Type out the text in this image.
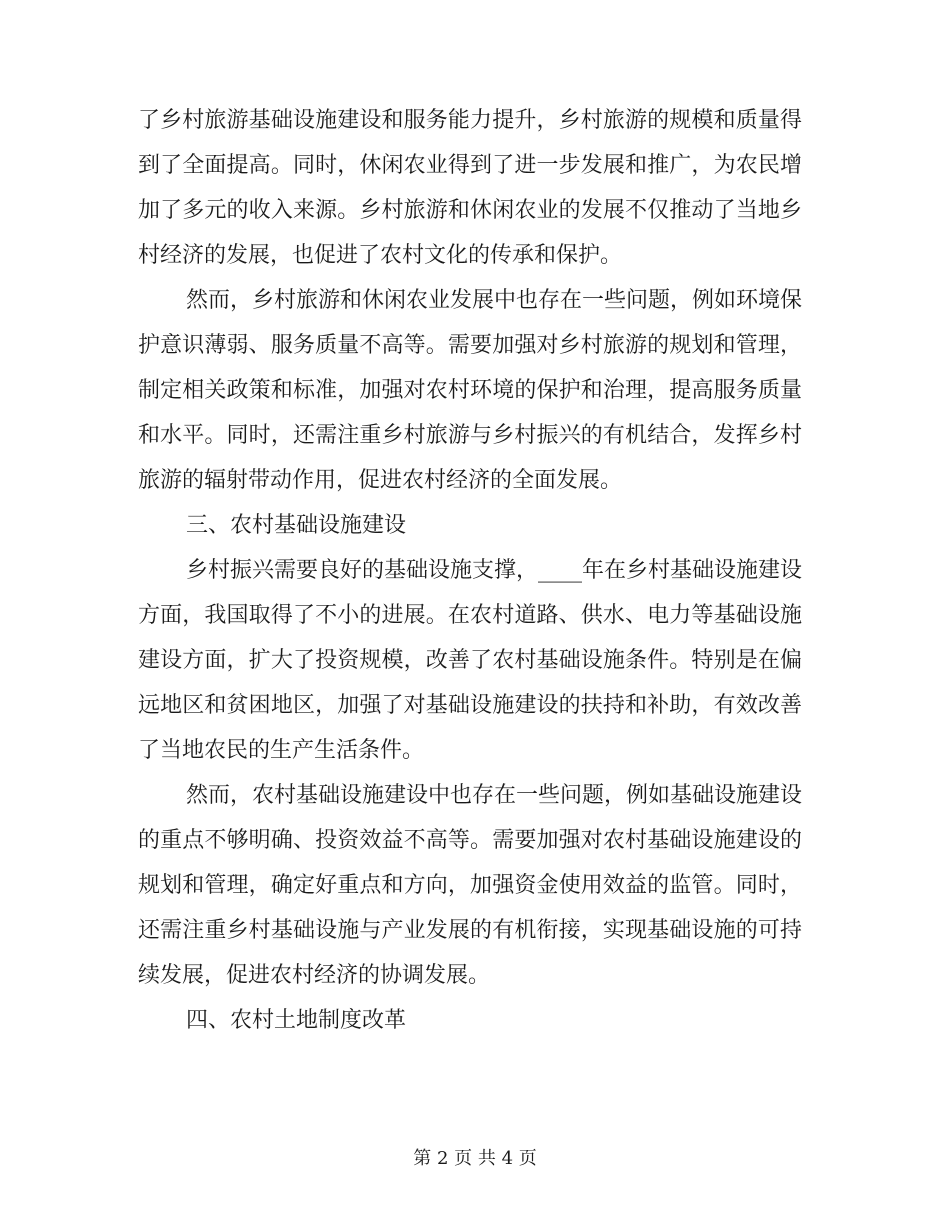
了乡村旅游基础设施建设和服务能力提升，乡村旅游的规模和质量得到了全面提高。同时，休闲农业得到了进一步发展和推广，为农民增加了多元的收入来源。乡村旅游和休闲农业的发展不仅推动了当地乡村经济的发展，也促进了农村文化的传承和保护。

然而，乡村旅游和休闲农业发展中也存在一些问题，例如环境保护意识薄弱、服务质量不高等。需要加强对乡村旅游的规划和管理，制定相关政策和标准，加强对农村环境的保护和治理，提高服务质量和水平。同时，还需注重乡村旅游与乡村振兴的有机结合，发挥乡村旅游的辐射带动作用，促进农村经济的全面发展。

三、农村基础设施建设

乡村振兴需要良好的基础设施支撑，____年在乡村基础设施建设方面，我国取得了不小的进展。在农村道路、供水、电力等基础设施建设方面，扩大了投资规模，改善了农村基础设施条件。特别是在偏远地区和贫困地区，加强了对基础设施建设的扶持和补助，有效改善了当地农民的生产生活条件。

然而，农村基础设施建设中也存在一些问题，例如基础设施建设的重点不够明确、投资效益不高等。需要加强对农村基础设施建设的规划和管理，确定好重点和方向，加强资金使用效益的监管。同时，还需注重乡村基础设施与产业发展的有机衔接，实现基础设施的可持续发展，促进农村经济的协调发展。

四、农村土地制度改革

第 2 页 共 4 页
